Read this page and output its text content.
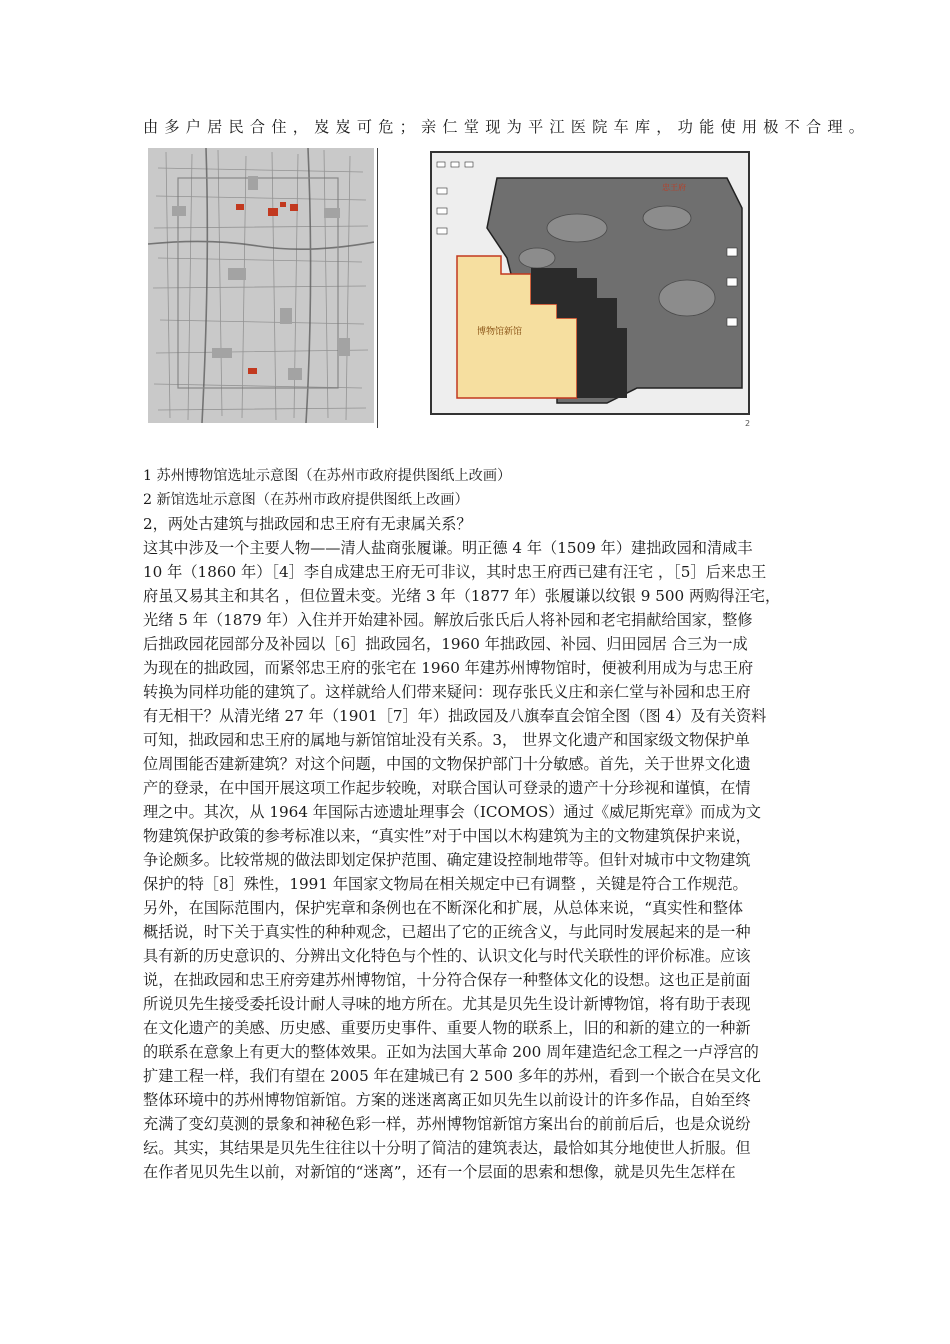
由多户居民合住，岌岌可危；亲仁堂现为平江医院车库，功能使用极不合理。
博物馆新馆
忠王府
2
1 苏州博物馆选址示意图（在苏州市政府提供图纸上改画）
2 新馆选址示意图（在苏州市政府提供图纸上改画）
2，两处古建筑与拙政园和忠王府有无隶属关系？
这其中涉及一个主要人物——清人盐商张履谦。明正德 4 年（1509 年）建拙政园和清咸丰
10 年（1860 年）［4］李自成建忠王府无可非议，其时忠王府西已建有汪宅 ，［5］后来忠王
府虽又易其主和其名 ，但位置未变。光绪 3 年（1877 年）张履谦以纹银 9 500 两购得汪宅，
光绪 5 年（1879 年）入住并开始建补园。解放后张氏后人将补园和老宅捐献给国家，整修
后拙政园花园部分及补园以［6］拙政园名，1960 年拙政园、补园、归田园居 合三为一成
为现在的拙政园，而紧邻忠王府的张宅在 1960 年建苏州博物馆时，便被利用成为与忠王府
转换为同样功能的建筑了。这样就给人们带来疑问：现存张氏义庄和亲仁堂与补园和忠王府
有无相干？从清光绪 27 年（1901［7］年）拙政园及八旗奉直会馆全图（图 4）及有关资料
可知，拙政园和忠王府的属地与新馆馆址没有关系。3， 世界文化遗产和国家级文物保护单
位周围能否建新建筑？对这个问题，中国的文物保护部门十分敏感。首先，关于世界文化遗
产的登录，在中国开展这项工作起步较晚，对联合国认可登录的遗产十分珍视和谨慎，在情
理之中。其次，从 1964 年国际古迹遗址理事会（ICOMOS）通过《威尼斯宪章》而成为文
物建筑保护政策的参考标准以来，“真实性”对于中国以木构建筑为主的文物建筑保护来说，
争论颇多。比较常规的做法即划定保护范围、确定建设控制地带等。但针对城市中文物建筑
保护的特［8］殊性，1991 年国家文物局在相关规定中已有调整 ，关键是符合工作规范。
另外，在国际范围内，保护宪章和条例也在不断深化和扩展，从总体来说，“真实性和整体
概括说，时下关于真实性的种种观念，已超出了它的正统含义，与此同时发展起来的是一种
具有新的历史意识的、分辨出文化特色与个性的、认识文化与时代关联性的评价标准。应该
说，在拙政园和忠王府旁建苏州博物馆，十分符合保存一种整体文化的设想。这也正是前面
所说贝先生接受委托设计耐人寻味的地方所在。尤其是贝先生设计新博物馆，将有助于表现
在文化遗产的美感、历史感、重要历史事件、重要人物的联系上，旧的和新的建立的一种新
的联系在意象上有更大的整体效果。正如为法国大革命 200 周年建造纪念工程之一卢浮宫的
扩建工程一样，我们有望在 2005 年在建城已有 2 500 多年的苏州，看到一个嵌合在吴文化
整体环境中的苏州博物馆新馆。方案的迷迷离离正如贝先生以前设计的许多作品，自始至终
充满了变幻莫测的景象和神秘色彩一样，苏州博物馆新馆方案出台的前前后后，也是众说纷
纭。其实，其结果是贝先生往往以十分明了简洁的建筑表达，最恰如其分地使世人折服。但
在作者见贝先生以前，对新馆的“迷离”，还有一个层面的思索和想像，就是贝先生怎样在
